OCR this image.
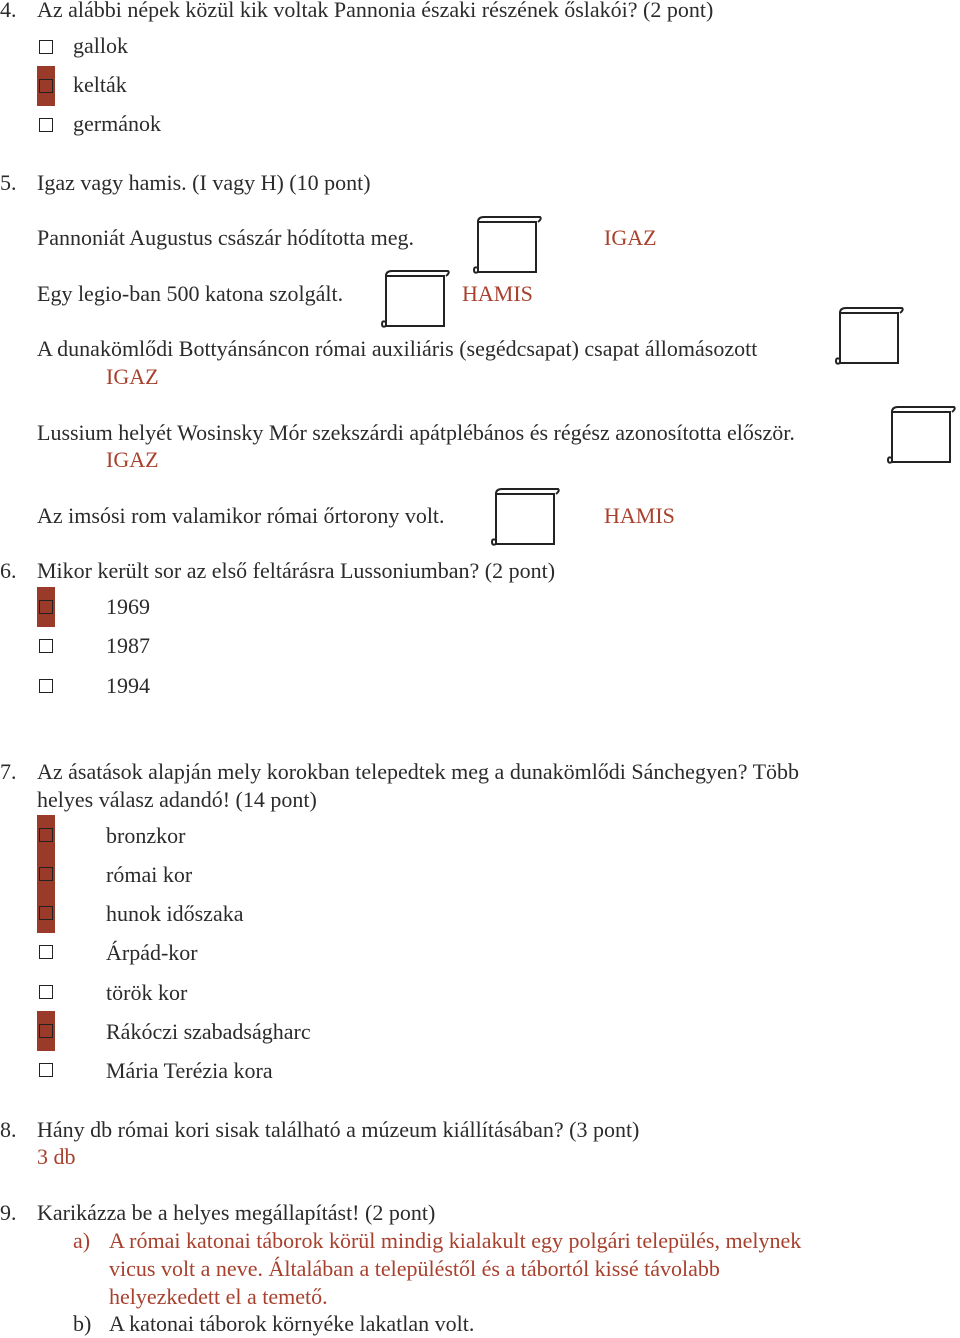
4. Az alábbi népek közül kik voltak Pannonia északi részének őslakói? (2 pont)
gallok
kelták
germánok
5. Igaz vagy hamis. (I vagy H) (10 pont)
Pannoniát Augustus császár hódította meg.	IGAZ
Egy legio-ban 500 katona szolgált.	HAMIS
A dunakömlődi Bottyánsáncon római auxiliáris (segédcsapat) csapat állomásozott
IGAZ
Lussium helyét Wosinsky Mór szekszárdi apátplébános és régész azonosította először.
IGAZ
Az imsósi rom valamikor római őrtorony volt.	HAMIS
6. Mikor került sor az első feltárásra Lussoniumban? (2 pont)
1969
1987
1994
7. Az ásatások alapján mely korokban telepedtek meg a dunakömlődi Sánchegyen? Több
helyes válasz adandó! (14 pont)
bronzkor
római kor
hunok időszaka
Árpád-kor
török kor
Rákóczi szabadságharc
Mária Terézia kora
8. Hány db római kori sisak található a múzeum kiállításában? (3 pont)
3 db
9. Karikázza be a helyes megállapítást! (2 pont)
a) A római katonai táborok körül mindig kialakult egy polgári település, melynek
vicus volt a neve. Általában a településtől és a tábortól kissé távolabb
helyezkedett el a temető.
b) A katonai táborok környéke lakatlan volt.
